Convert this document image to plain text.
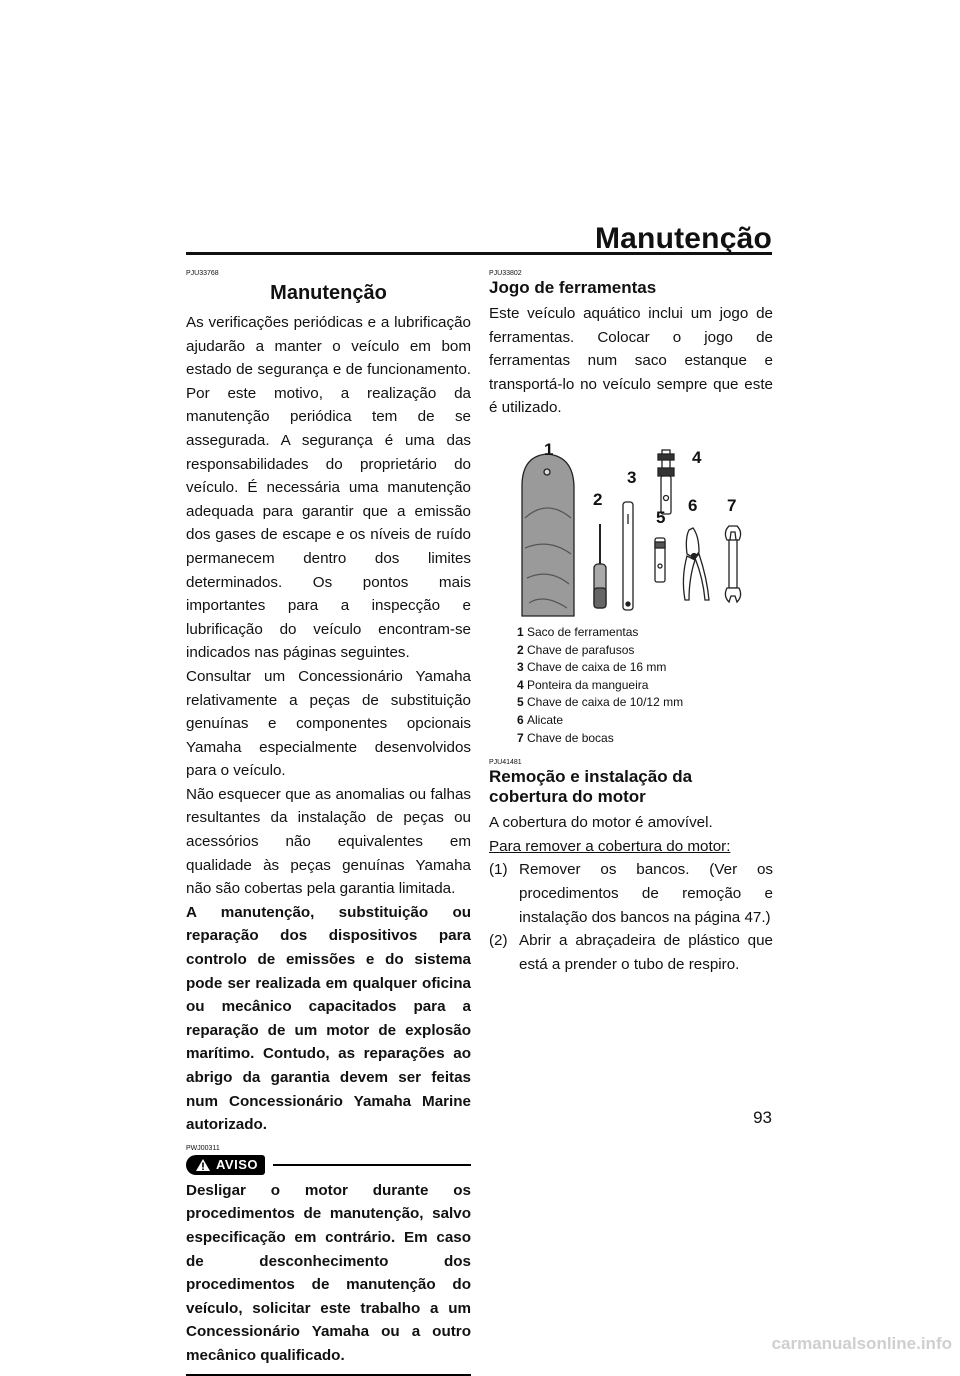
Manutenção

PJU33768

Manutenção

As verificações periódicas e a lubrificação ajudarão a manter o veículo em bom estado de segurança e de funcionamento. Por este motivo, a realização da manutenção periódica tem de se assegurada. A segurança é uma das responsabilidades do proprietário do veículo. É necessária uma manutenção adequada para garantir que a emissão dos gases de escape e os níveis de ruído permanecem dentro dos limites determinados. Os pontos mais importantes para a inspecção e lubrificação do veículo encontram-se indicados nas páginas seguintes.

Consultar um Concessionário Yamaha relativamente a peças de substituição genuínas e componentes opcionais Yamaha especialmente desenvolvidos para o veículo.

Não esquecer que as anomalias ou falhas resultantes da instalação de peças ou acessórios não equivalentes em qualidade às peças genuínas Yamaha não são cobertas pela garantia limitada.

A manutenção, substituição ou reparação dos dispositivos para controlo de emissões e do sistema pode ser realizada em qualquer oficina ou mecânico capacitados para a reparação de um motor de explosão marítimo. Contudo, as reparações ao abrigo da garantia devem ser feitas num Concessionário Yamaha Marine autorizado.

PWJ00311

AVISO

Desligar o motor durante os procedimentos de manutenção, salvo especificação em contrário. Em caso de desconhecimento dos procedimentos de manutenção do veículo, solicitar este trabalho a um Concessionário Yamaha ou a outro mecânico qualificado.

PJU33802

Jogo de ferramentas

Este veículo aquático inclui um jogo de ferramentas. Colocar o jogo de ferramentas num saco estanque e transportá-lo no veículo sempre que este é utilizado.

1
2
3
4
5
6 7
1 Saco de ferramentas
2 Chave de parafusos
3 Chave de caixa de 16 mm
4 Ponteira da mangueira
5 Chave de caixa de 10/12 mm
6 Alicate
7 Chave de bocas

PJU41481

Remoção e instalação da cobertura do motor

A cobertura do motor é amovível.

Para remover a cobertura do motor:

(1) Remover os bancos. (Ver os procedimentos de remoção e instalação dos bancos na página 47.)
(2) Abrir a abraçadeira de plástico que está a prender o tubo de respiro.
93
carmanualsonline.info
